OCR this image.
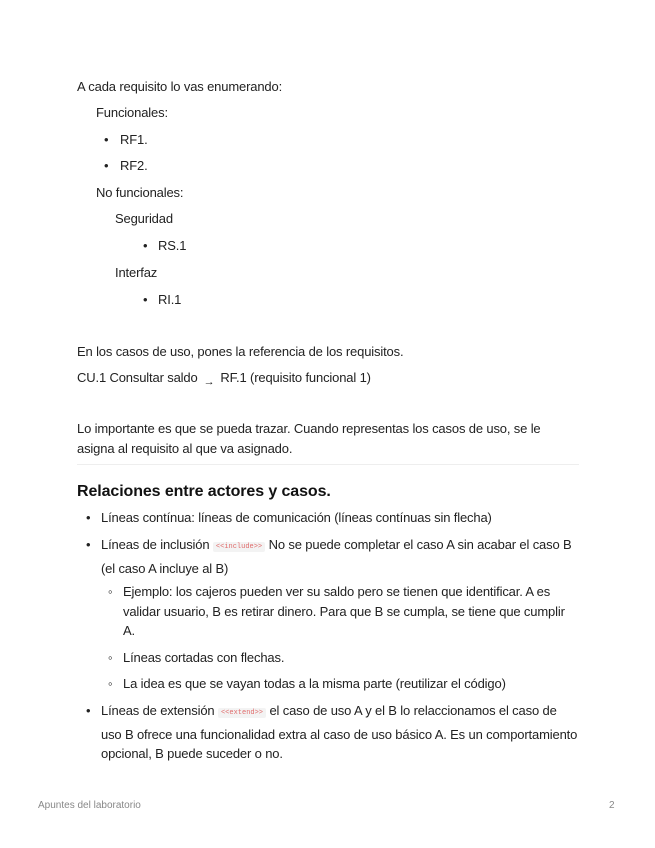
A cada requisito lo vas enumerando:

Funcionales:

•

RF1.

•

RF2.

No funcionales:

Seguridad

•

RS.1

Interfaz

•

RI.1

En los casos de uso, pones la referencia de los requisitos.

CU.1 Consultar saldo → RF.1 (requisito funcional 1)

Lo importante es que se pueda trazar. Cuando representas los casos de uso, se le asigna al requisito al que va asignado.

Relaciones entre actores y casos.
•

Líneas contínua: líneas de comunicación (líneas contínuas sin flecha)

•

Líneas de inclusión <<include>> No se puede completar el caso A sin acabar el caso B (el caso A incluye al B)

◦

Ejemplo: los cajeros pueden ver su saldo pero se tienen que identificar. A es validar usuario, B es retirar dinero. Para que B se cumpla, se tiene que cumplir A.

◦

Líneas cortadas con flechas.

◦

La idea es que se vayan todas a la misma parte (reutilizar el código)

•

Líneas de extensión <<extend>> el caso de uso A y el B lo relaccionamos el caso de uso B ofrece una funcionalidad extra al caso de uso básico A. Es un comportamiento opcional, B puede suceder o no.

Apuntes del laboratorio	2
